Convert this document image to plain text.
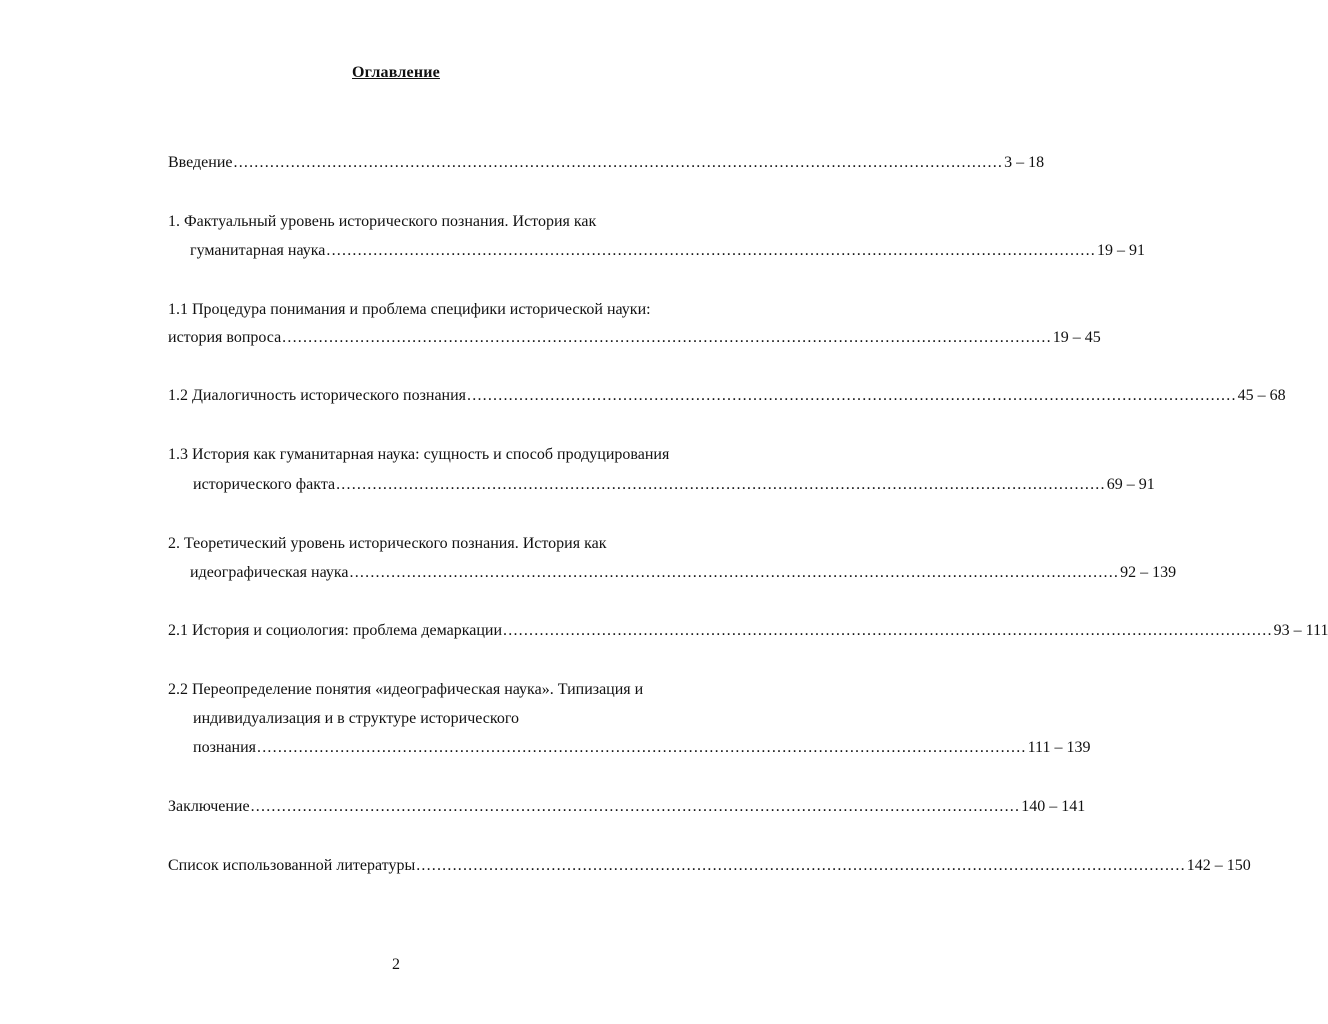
Оглавление
Введение .................................................................................................................................................... 3 – 18
1. Фактуальный уровень исторического познания. История как
гуманитарная наука .................................................................................................................................................... 19 – 91
1.1 Процедура понимания и проблема специфики исторической науки:
история вопроса .................................................................................................................................................... 19 – 45
1.2 Диалогичность исторического познания .................................................................................................................................................... 45 – 68
1.3 История как гуманитарная наука: сущность и способ продуцирования
исторического факта .................................................................................................................................................... 69 – 91
2. Теоретический уровень исторического познания. История как
идеографическая наука .................................................................................................................................................... 92 – 139
2.1 История и социология: проблема демаркации .................................................................................................................................................... 93 – 111
2.2 Переопределение понятия «идеографическая наука». Типизация и
индивидуализация и в структуре исторического
познания .................................................................................................................................................... 111 – 139
Заключение .................................................................................................................................................... 140 – 141
Список использованной литературы .................................................................................................................................................... 142 – 150
2
